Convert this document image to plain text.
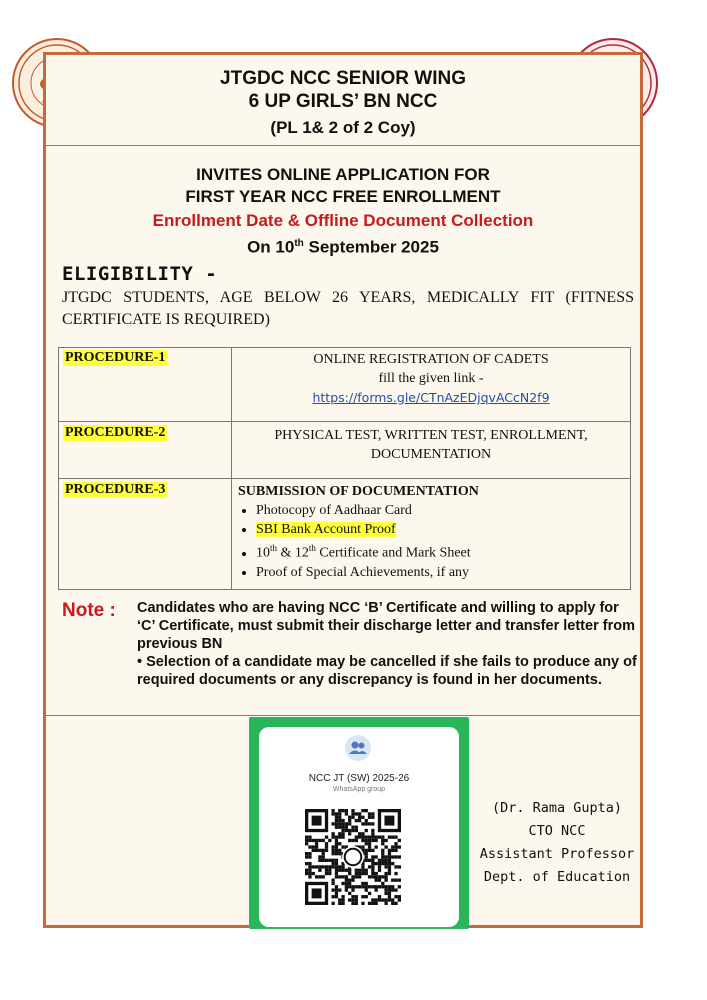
JTGDC NCC SENIOR WING
6 UP GIRLS’ BN NCC
(PL 1& 2 of 2 Coy)
INVITES ONLINE APPLICATION FOR
FIRST YEAR NCC FREE ENROLLMENT
Enrollment Date & Offline Document Collection
On 10th September 2025
ELIGIBILITY -
JTGDC STUDENTS, AGE BELOW 26 YEARS, MEDICALLY FIT (FITNESS CERTIFICATE IS REQUIRED)
PROCEDURE-1	ONLINE REGISTRATION OF CADETS
fill the given link -
https://forms.gle/CTnAzEDjqvACcN2f9
PROCEDURE-2	PHYSICAL TEST, WRITTEN TEST, ENROLLMENT,
DOCUMENTATION
PROCEDURE-3	SUBMISSION OF DOCUMENTATION
• Photocopy of Aadhaar Card
• SBI Bank Account Proof
• 10th & 12th Certificate and Mark Sheet
• Proof of Special Achievements, if any
Note : Candidates who are having NCC ‘B’ Certificate and willing to apply for ‘C’ Certificate, must submit their discharge letter and transfer letter from previous BN
• Selection of a candidate may be cancelled if she fails to produce any of required documents or any discrepancy is found in her documents.
NCC JT (SW) 2025-26
WhatsApp group
(Dr. Rama Gupta)
CTO NCC
Assistant Professor
Dept. of Education
